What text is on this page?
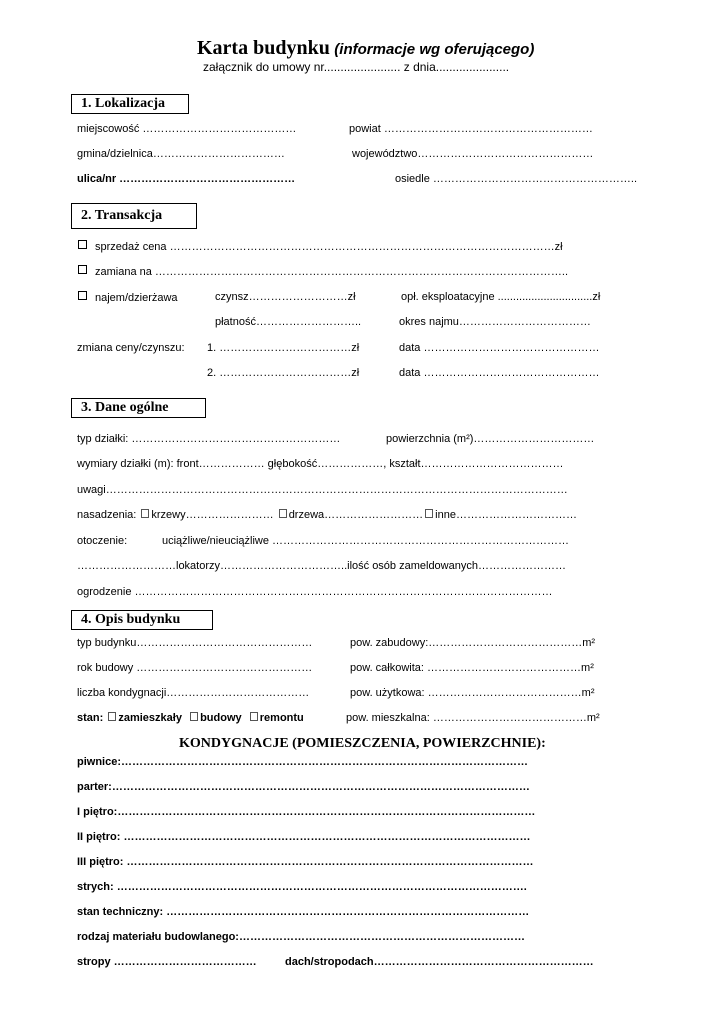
Karta budynku (informacje wg oferującego)
załącznik do umowy nr....................... z dnia......................
1. Lokalizacja
miejscowość ……………………………………	powiat …………………………………………………
gmina/dzielnica………………………………	województwo…………………………………………
ulica/nr …………………………………………	osiedle ………………………………………………..
2. Transakcja
sprzedaż cena ……………………………………………………………………………………………zł
zamiana na …………………………………………………………………………………………………..
najem/dzierżawa	czynsz………………………zł	opł. eksploatacyjne ...............................zł
płatność………………………..	okres najmu………………………………
zmiana ceny/czynszu: 1. ………………………………zł	data …………………………………………
2. ………………………………zł	data …………………………………………
3. Dane ogólne
typ działki: …………………………………………………	powierzchnia (m²)……………………………
wymiary działki (m): front……………… głębokość………………, kształt…………………………………
uwagi………………………………………………………………………………………………………………
nasadzenia: krzewy…………………… drzewa……………………… inne……………………………
otoczenie:	uciążliwe/nieuciążliwe ………………………………………………………………………
………………………lokatorzy……………………………..ilość osób zameldowanych……………………
ogrodzenie ……………………………………………………………………………………………………
4. Opis budynku
typ budynku…………………………………………	pow. zabudowy:……………………………………m²
rok budowy …………………………………………	pow. całkowita: ……………………………………m²
liczba kondygnacji…………………………………	pow. użytkowa: ……………………………………m²
stan: zamieszkały budowy remontu	pow. mieszkalna: ……………………………………m²
KONDYGNACJE (POMIESZCZENIA, POWIERZCHNIE):
piwnice:…………………………………………………………………………………………………
parter:……………………………………………………………………………………………………
I piętro:……………………………………………………………………………………………………
II piętro: …………………………………………………………………………………………………
III piętro: …………………………………………………………………………………………………
strych: ………………………………………………………………………………………………….
stan techniczny: ………………………………………………………………………………………
rodzaj materiału budowlanego:……………………………………………………………………
stropy …………………………………	dach/stropodach……………………………………………………
